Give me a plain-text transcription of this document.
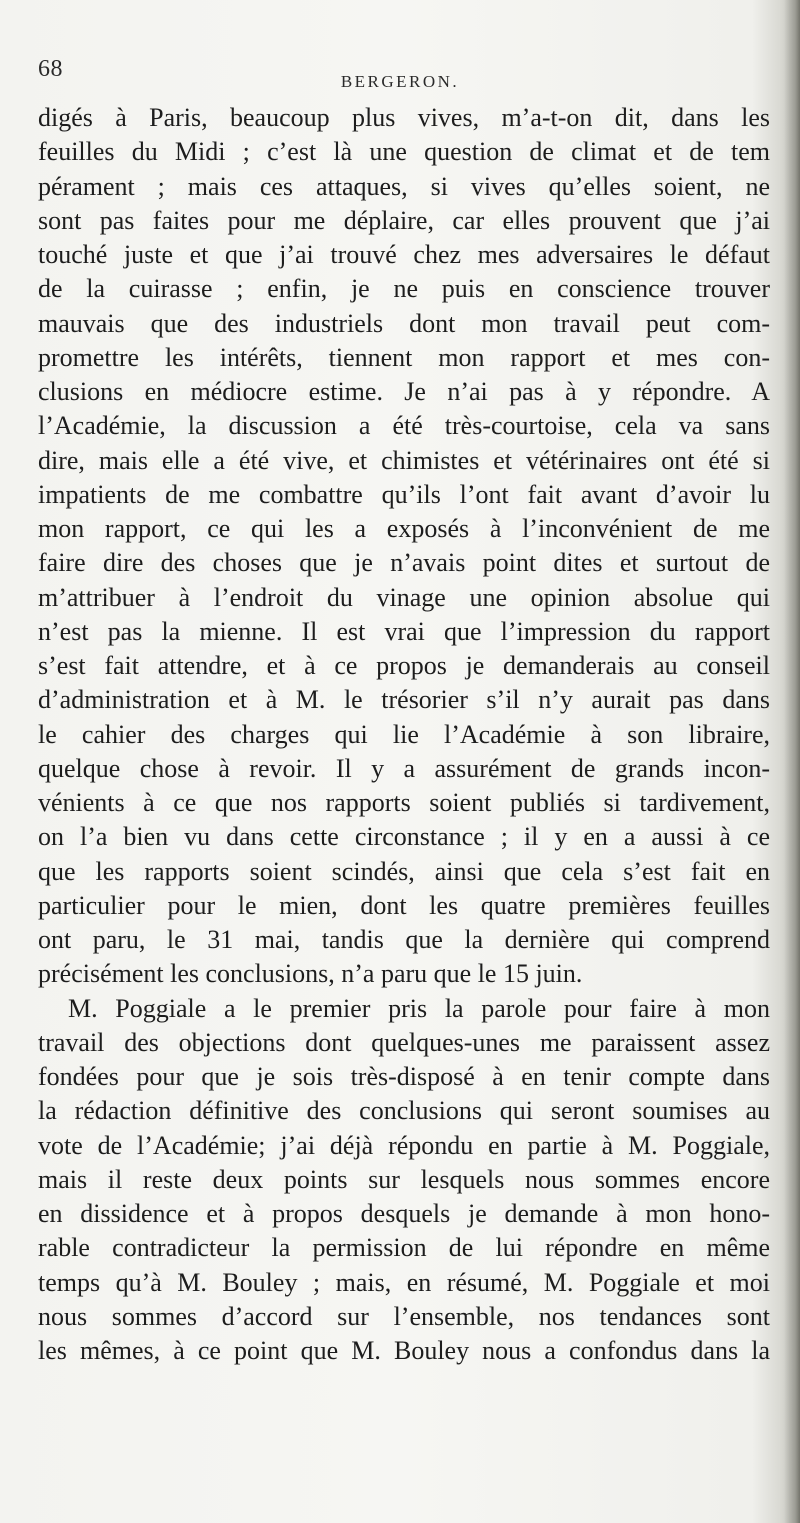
68	BERGERON.
digés à Paris, beaucoup plus vives, m’a-t-on dit, dans les
feuilles du Midi ; c’est là une question de climat et de tem
pérament ; mais ces attaques, si vives qu’elles soient, ne
sont pas faites pour me déplaire, car elles prouvent que j’ai
touché juste et que j’ai trouvé chez mes adversaires le défaut
de la cuirasse ; enfin, je ne puis en conscience trouver
mauvais que des industriels dont mon travail peut com-
promettre les intérêts, tiennent mon rapport et mes con-
clusions en médiocre estime. Je n’ai pas à y répondre. A
l’Académie, la discussion a été très-courtoise, cela va sans
dire, mais elle a été vive, et chimistes et vétérinaires ont été si
impatients de me combattre qu’ils l’ont fait avant d’avoir lu
mon rapport, ce qui les a exposés à l’inconvénient de me
faire dire des choses que je n’avais point dites et surtout de
m’attribuer à l’endroit du vinage une opinion absolue qui
n’est pas la mienne. Il est vrai que l’impression du rapport
s’est fait attendre, et à ce propos je demanderais au conseil
d’administration et à M. le trésorier s’il n’y aurait pas dans
le cahier des charges qui lie l’Académie à son libraire,
quelque chose à revoir. Il y a assurément de grands incon-
vénients à ce que nos rapports soient publiés si tardivement,
on l’a bien vu dans cette circonstance ; il y en a aussi à ce
que les rapports soient scindés, ainsi que cela s’est fait en
particulier pour le mien, dont les quatre premières feuilles
ont paru, le 31 mai, tandis que la dernière qui comprend
précisément les conclusions, n’a paru que le 15 juin.
M. Poggiale a le premier pris la parole pour faire à mon
travail des objections dont quelques-unes me paraissent assez
fondées pour que je sois très-disposé à en tenir compte dans
la rédaction définitive des conclusions qui seront soumises au
vote de l’Académie; j’ai déjà répondu en partie à M. Poggiale,
mais il reste deux points sur lesquels nous sommes encore
en dissidence et à propos desquels je demande à mon hono-
rable contradicteur la permission de lui répondre en même
temps qu’à M. Bouley ; mais, en résumé, M. Poggiale et moi
nous sommes d’accord sur l’ensemble, nos tendances sont
les mêmes, à ce point que M. Bouley nous a confondus dans la
